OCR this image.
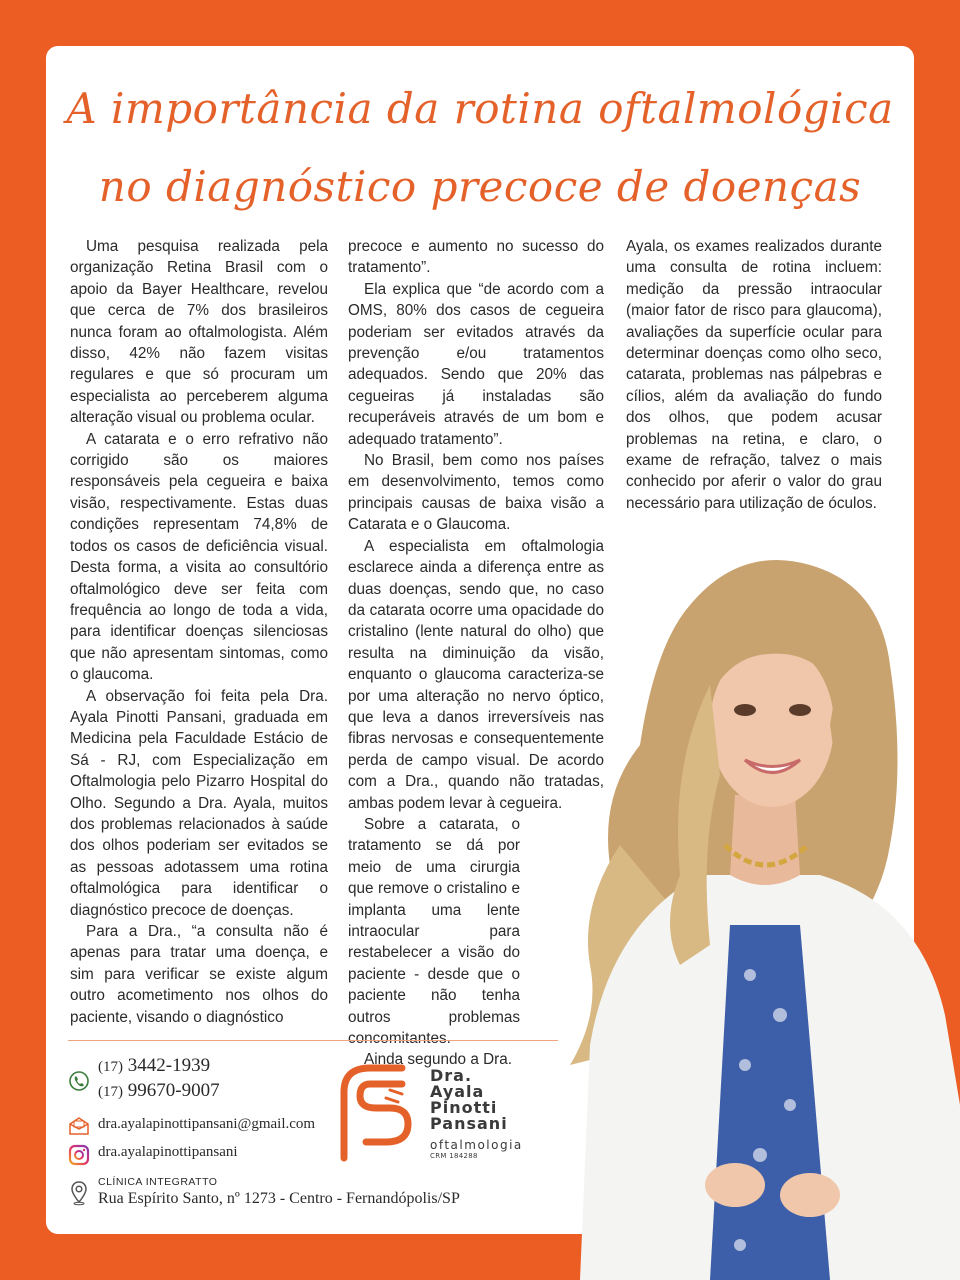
A importância da rotina oftalmológica
no diagnóstico precoce de doenças

Uma pesquisa realizada pela organização Retina Brasil com o apoio da Bayer Healthcare, revelou que cerca de 7% dos brasileiros nunca foram ao oftalmologista. Além disso, 42% não fazem visitas regulares e que só procuram um especialista ao perceberem alguma alteração visual ou problema ocular.

A catarata e o erro refrativo não corrigido são os maiores responsáveis pela cegueira e baixa visão, respectivamente. Estas duas condições representam 74,8% de todos os casos de deficiência visual. Desta forma, a visita ao consultório oftalmológico deve ser feita com frequência ao longo de toda a vida, para identificar doenças silenciosas que não apresentam sintomas, como o glaucoma.

A observação foi feita pela Dra. Ayala Pinotti Pansani, graduada em Medicina pela Faculdade Estácio de Sá - RJ, com Especialização em Oftalmologia pelo Pizarro Hospital do Olho. Segundo a Dra. Ayala, muitos dos problemas relacionados à saúde dos olhos poderiam ser evitados se as pessoas adotassem uma rotina oftalmológica para identificar o diagnóstico precoce de doenças.

Para a Dra., “a consulta não é apenas para tratar uma doença, e sim para verificar se existe algum outro acometimento nos olhos do paciente, visando o diagnóstico

precoce e aumento no sucesso do tratamento”.

Ela explica que “de acordo com a OMS, 80% dos casos de cegueira poderiam ser evitados através da prevenção e/ou tratamentos adequados. Sendo que 20% das cegueiras já instaladas são recuperáveis através de um bom e adequado tratamento”.

No Brasil, bem como nos países em desenvolvimento, temos como principais causas de baixa visão a Catarata e o Glaucoma.

A especialista em oftalmologia esclarece ainda a diferença entre as duas doenças, sendo que, no caso da catarata ocorre uma opacidade do cristalino (lente natural do olho) que resulta na diminuição da visão, enquanto o glaucoma caracteriza-se por uma alteração no nervo óptico, que leva a danos irreversíveis nas fibras nervosas e consequentemente perda de campo visual. De acordo com a Dra., quando não tratadas, ambas podem levar à cegueira.

Sobre a catarata, o tratamento se dá por meio de uma cirurgia que remove o cristalino e implanta uma lente intraocular para restabelecer a visão do paciente - desde que o paciente não tenha outros problemas concomitantes.

Ainda segundo a Dra.

Ayala, os exames realizados durante uma consulta de rotina incluem: medição da pressão intraocular (maior fator de risco para glaucoma), avaliações da superfície ocular para determinar doenças como olho seco, catarata, problemas nas pálpebras e cílios, além da avaliação do fundo dos olhos, que podem acusar problemas na retina, e claro, o exame de refração, talvez o mais conhecido por aferir o valor do grau necessário para utilização de óculos.

(17) 3442-1939
(17) 99670-9007
dra.ayalapinottipansani@gmail.com
dra.ayalapinottipansani
CLÍNICA INTEGRATTO
Rua Espírito Santo, nº 1273 - Centro - Fernandópolis/SP
Dra.
Ayala
Pinotti
Pansani
oftalmologia
CRM 184288
